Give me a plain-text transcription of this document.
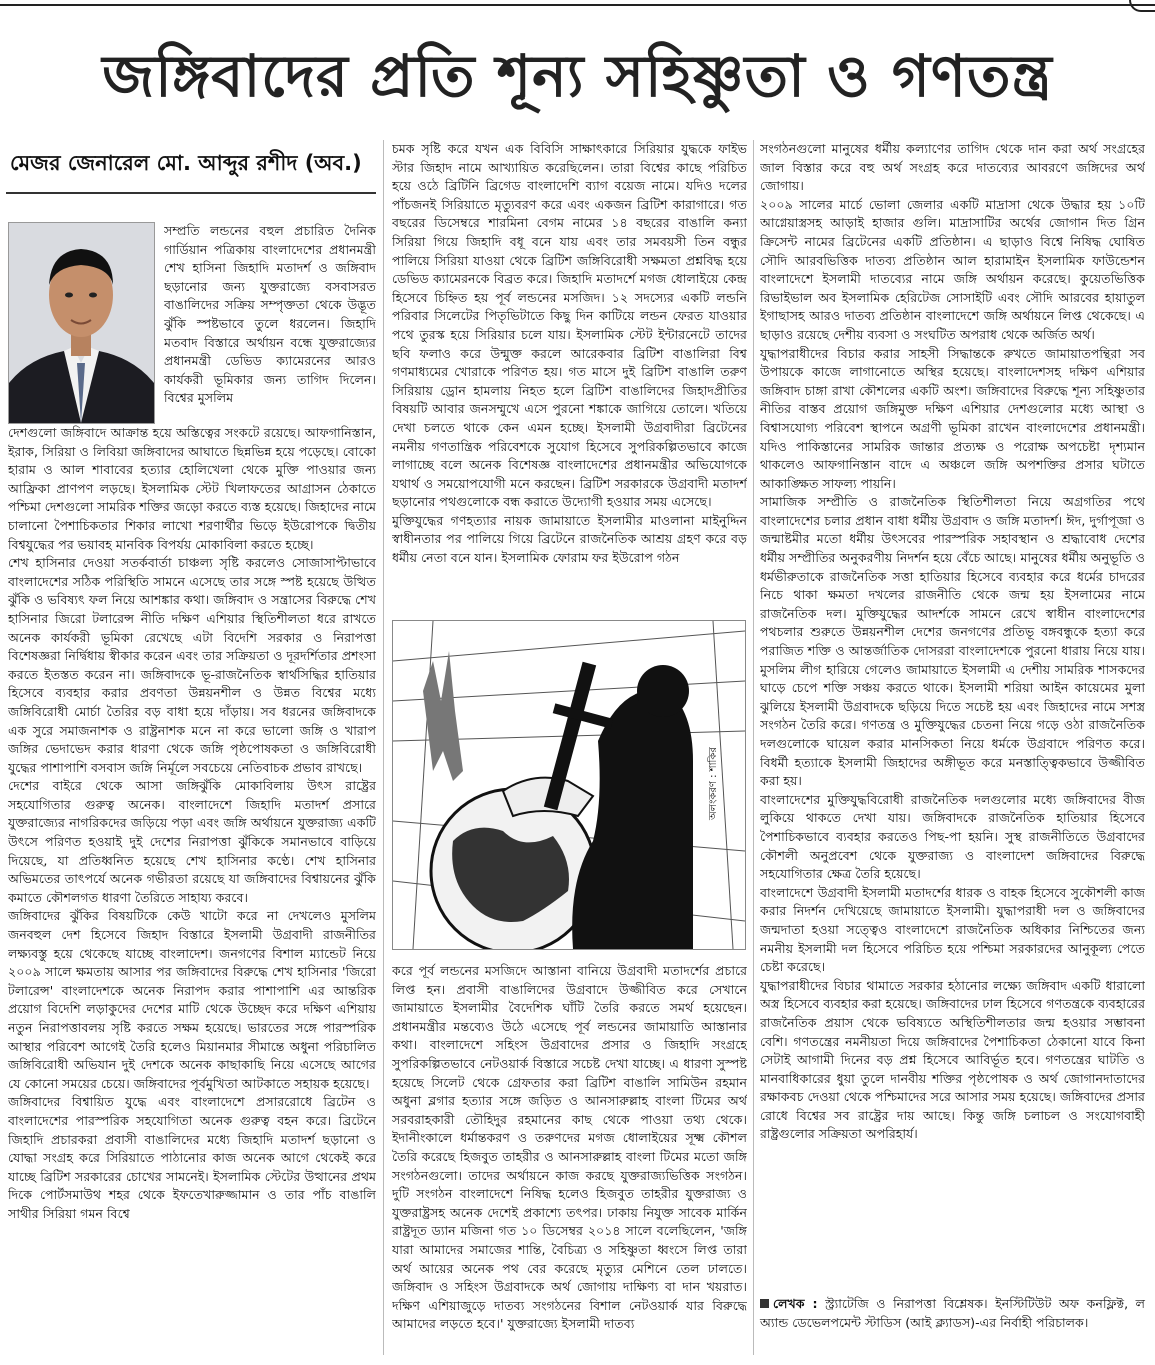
জঙ্গিবাদের প্রতি শূন্য সহিষ্ণুতা ও গণতন্ত্র
মেজর জেনারেল মো. আব্দুর রশীদ (অব.)

সম্প্রতি লন্ডনের বহুল প্রচারিত দৈনিক গার্ডিয়ান পত্রিকায় বাংলাদেশের প্রধানমন্ত্রী শেখ হাসিনা জিহাদি মতাদর্শ ও জঙ্গিবাদ ছড়ানোর জন্য যুক্তরাজ্যে বসবাসরত বাঙালিদের সক্রিয় সম্পৃক্ততা থেকে উদ্ভূত ঝুঁকি স্পষ্টভাবে তুলে ধরলেন। জিহাদি মতবাদ বিস্তারে অর্থায়ন বন্ধে যুক্তরাজ্যের প্রধানমন্ত্রী ডেভিড ক্যামেরনের আরও কার্যকরী ভূমিকার জন্য তাগিদ দিলেন। বিশ্বের মুসলিম

দেশগুলো জঙ্গিবাদে আক্রান্ত হয়ে অস্তিত্বের সংকটে রয়েছে। আফগানিস্তান, ইরাক, সিরিয়া ও লিবিয়া জঙ্গিবাদের আঘাতে ছিন্নভিন্ন হয়ে পড়েছে। বোকো হারাম ও আল শাবাবের হত্যার হোলিখেলা থেকে মুক্তি পাওয়ার জন্য আফ্রিকা প্রাণপণ লড়ছে। ইসলামিক স্টেট খিলাফতের আগ্রাসন ঠেকাতে পশ্চিমা দেশগুলো সামরিক শক্তির জড়ো করতে ব্যস্ত হয়েছে। জিহাদের নামে চালানো পৈশাচিকতার শিকার লাখো শরণার্থীর ভিড়ে ইউরোপকে দ্বিতীয় বিশ্বযুদ্ধের পর ভয়াবহ মানবিক বিপর্যয় মোকাবিলা করতে হচ্ছে।

শেখ হাসিনার দেওয়া সতর্কবার্তা চাঞ্চল্য সৃষ্টি করলেও সোজাসাপ্টাভাবে বাংলাদেশের সঠিক পরিস্থিতি সামনে এসেছে তার সঙ্গে স্পষ্ট হয়েছে উত্থিত ঝুঁকি ও ভবিষ্যৎ ফল নিয়ে আশঙ্কার কথা। জঙ্গিবাদ ও সন্ত্রাসের বিরুদ্ধে শেখ হাসিনার জিরো টলারেন্স নীতি দক্ষিণ এশিয়ার স্থিতিশীলতা ধরে রাখতে অনেক কার্যকরী ভূমিকা রেখেছে এটা বিদেশি সরকার ও নিরাপত্তা বিশেষজ্ঞরা নির্দ্বিধায় স্বীকার করেন এবং তার সক্রিয়তা ও দূরদর্শিতার প্রশংসা করতে ইতস্তত করেন না। জঙ্গিবাদকে ভূ-রাজনৈতিক স্বার্থসিদ্ধির হাতিয়ার হিসেবে ব্যবহার করার প্রবণতা উন্নয়নশীল ও উন্নত বিশ্বের মধ্যে জঙ্গিবিরোধী মোর্চা তৈরির বড় বাধা হয়ে দাঁড়ায়। সব ধরনের জঙ্গিবাদকে এক সুরে সমাজনাশক ও রাষ্ট্রনাশক মনে না করে ভালো জঙ্গি ও খারাপ জঙ্গির ভেদাভেদ করার ধারণা থেকে জঙ্গি পৃষ্ঠপোষকতা ও জঙ্গিবিরোধী যুদ্ধের পাশাপাশি বসবাস জঙ্গি নির্মূলে সবচেয়ে নেতিবাচক প্রভাব রাখছে।

দেশের বাইরে থেকে আসা জঙ্গিঝুঁকি মোকাবিলায় উৎস রাষ্ট্রের সহযোগিতার গুরুত্ব অনেক। বাংলাদেশে জিহাদি মতাদর্শ প্রসারে যুক্তরাজ্যের নাগরিকদের জড়িয়ে পড়া এবং জঙ্গি অর্থায়নে যুক্তরাজ্য একটি উৎসে পরিণত হওয়াই দুই দেশের নিরাপত্তা ঝুঁকিকে সমানভাবে বাড়িয়ে দিয়েছে, যা প্রতিধ্বনিত হয়েছে শেখ হাসিনার কণ্ঠে। শেখ হাসিনার অভিমতের তাৎপর্যে অনেক গভীরতা রয়েছে যা জঙ্গিবাদের বিশ্বায়নের ঝুঁকি কমাতে কৌশলগত ধারণা তৈরিতে সাহায্য করবে।

জঙ্গিবাদের ঝুঁকির বিষয়টিকে কেউ খাটো করে না দেখলেও মুসলিম জনবহুল দেশ হিসেবে জিহাদ বিস্তারে ইসলামী উগ্রবাদী রাজনীতির লক্ষ্যবস্তু হয়ে থেকেছে যাচ্ছে বাংলাদেশ। জনগণের বিশাল ম্যান্ডেট নিয়ে ২০০৯ সালে ক্ষমতায় আসার পর জঙ্গিবাদের বিরুদ্ধে শেখ হাসিনার 'জিরো টলারেন্স' বাংলাদেশকে অনেক নিরাপদ করার পাশাপাশি এর আন্তরিক প্রয়োগ বিদেশি লড়াকুদের দেশের মাটি থেকে উচ্ছেদ করে দক্ষিণ এশিয়ায় নতুন নিরাপত্তাবলয় সৃষ্টি করতে সক্ষম হয়েছে। ভারতের সঙ্গে পারস্পরিক আস্থার পরিবেশ আগেই তৈরি হলেও মিয়ানমার সীমান্তে অধুনা পরিচালিত জঙ্গিবিরোধী অভিযান দুই দেশকে অনেক কাছাকাছি নিয়ে এসেছে আগের যে কোনো সময়ের চেয়ে। জঙ্গিবাদের পূর্বমুখিতা আটকাতে সহায়ক হয়েছে।

জঙ্গিবাদের বিশ্বায়িত যুদ্ধে এবং বাংলাদেশে প্রসাররোধে ব্রিটেন ও বাংলাদেশের পারস্পরিক সহযোগিতা অনেক গুরুত্ব বহন করে। ব্রিটেনে জিহাদি প্রচারকরা প্রবাসী বাঙালিদের মধ্যে জিহাদি মতাদর্শ ছড়ানো ও যোদ্ধা সংগ্রহ করে সিরিয়াতে পাঠানোর কাজ অনেক আগে থেকেই করে যাচ্ছে ব্রিটিশ সরকারের চোখের সামনেই। ইসলামিক স্টেটের উত্থানের প্রথম দিকে পোর্টসমাউথ শহর থেকে ইফতেখারুজ্জামান ও তার পাঁচ বাঙালি সাথীর সিরিয়া গমন বিশ্বে

চমক সৃষ্টি করে যখন এক বিবিসি সাক্ষাৎকারে সিরিয়ার যুদ্ধকে ফাইভ স্টার জিহাদ নামে আখ্যায়িত করেছিলেন। তারা বিশ্বের কাছে পরিচিত হয়ে ওঠে ব্রিটিনি ব্রিগেড বাংলাদেশি ব্যাগ বয়েজ নামে। যদিও দলের পাঁচজনই সিরিয়াতে মৃত্যুবরণ করে এবং একজন ব্রিটিশ কারাগারে। গত বছরের ডিসেম্বরে শারমিনা বেগম নামের ১৪ বছরের বাঙালি কন্যা সিরিয়া গিয়ে জিহাদি বধূ বনে যায় এবং তার সমবয়সী তিন বন্ধুর পালিয়ে সিরিয়া যাওয়া থেকে ব্রিটিশ জঙ্গিবিরোধী সক্ষমতা প্রশ্নবিদ্ধ হয়ে ডেভিড ক্যামেরনকে বিব্রত করে। জিহাদি মতাদর্শে মগজ ধোলাইয়ে কেন্দ্র হিসেবে চিহ্নিত হয় পূর্ব লন্ডনের মসজিদ। ১২ সদস্যের একটি লন্ডনি পরিবার সিলেটের পিতৃভিটাতে কিছু দিন কাটিয়ে লন্ডন ফেরত যাওয়ার পথে তুরস্ক হয়ে সিরিয়ার চলে যায়। ইসলামিক স্টেট ইন্টারনেটে তাদের ছবি ফলাও করে উন্মুক্ত করলে আরেকবার ব্রিটিশ বাঙালিরা বিশ্ব গণমাধ্যমের খোরাকে পরিণত হয়। গত মাসে দুই ব্রিটিশ বাঙালি তরুণ সিরিয়ায় ড্রোন হামলায় নিহত হলে ব্রিটিশ বাঙালিদের জিহাদপ্রীতির বিষয়টি আবার জনসম্মুখে এসে পুরনো শঙ্কাকে জাগিয়ে তোলে। খতিয়ে দেখা চলতে থাকে কেন এমন হচ্ছে। ইসলামী উগ্রবাদীরা ব্রিটেনের নমনীয় গণতান্ত্রিক পরিবেশকে সুযোগ হিসেবে সুপরিকল্পিতভাবে কাজে লাগাচ্ছে বলে অনেক বিশেষজ্ঞ বাংলাদেশের প্রধানমন্ত্রীর অভিযোগকে যথার্থ ও সময়োপযোগী মনে করছেন। ব্রিটিশ সরকারকে উগ্রবাদী মতাদর্শ ছড়ানোর পথগুলোকে বন্ধ করাতে উদ্যোগী হওয়ার সময় এসেছে।

মুক্তিযুদ্ধের গণহত্যার নায়ক জামায়াতে ইসলামীর মাওলানা মাইনুদ্দিন স্বাধীনতার পর পালিয়ে গিয়ে ব্রিটেনে রাজনৈতিক আশ্রয় গ্রহণ করে বড় ধর্মীয় নেতা বনে যান। ইসলামিক ফোরাম ফর ইউরোপ গঠন

অলংকরণ : শাকির

করে পূর্ব লন্ডনের মসজিদে আস্তানা বানিয়ে উগ্রবাদী মতাদর্শের প্রচারে লিপ্ত হন। প্রবাসী বাঙালিদের উগ্রবাদে উজ্জীবিত করে সেখানে জামায়াতে ইসলামীর বৈদেশিক ঘাঁটি তৈরি করতে সমর্থ হয়েছেন। প্রধানমন্ত্রীর মন্তব্যেও উঠে এসেছে পূর্ব লন্ডনের জামায়াতি আস্তানার কথা। বাংলাদেশে সহিংস উগ্রবাদের প্রসার ও জিহাদি সংগ্রহে সুপরিকল্পিতভাবে নেটওয়ার্ক বিস্তারে সচেষ্ট দেখা যাচ্ছে। এ ধারণা সুস্পষ্ট হয়েছে সিলেট থেকে গ্রেফতার করা ব্রিটিশ বাঙালি সামিউন রহমান অধুনা ব্লগার হত্যার সঙ্গে জড়িত ও আনসারুল্লাহ বাংলা টিমের অর্থ সরবরাহকারী তৌহিদুর রহমানের কাছ থেকে পাওয়া তথ্য থেকে। ইদানীংকালে ধর্মান্তকরণ ও তরুণদের মগজ ধোলাইয়ের সূক্ষ্ম কৌশল তৈরি করেছে হিজবুত তাহরীর ও আনসারুল্লাহ বাংলা টিমের মতো জঙ্গি সংগঠনগুলো। তাদের অর্থায়নে কাজ করছে যুক্তরাজ্যভিত্তিক সংগঠন। দুটি সংগঠন বাংলাদেশে নিষিদ্ধ হলেও হিজবুত তাহরীর যুক্তরাজ্য ও যুক্তরাষ্ট্রসহ অনেক দেশেই প্রকাশ্যে তৎপর। ঢাকায় নিযুক্ত সাবেক মার্কিন রাষ্ট্রদূত ড্যান মজিনা গত ১০ ডিসেম্বর ২০১৪ সালে বলেছিলেন, 'জঙ্গি যারা আমাদের সমাজের শান্তি, বৈচিত্র্য ও সহিষ্ণুতা ধ্বংসে লিপ্ত তারা অর্থ আয়ের অনেক পথ বের করেছে মৃত্যুর মেশিনে তেল ঢালতে। জঙ্গিবাদ ও সহিংস উগ্রবাদকে অর্থ জোগায় দাক্ষিণ্য বা দান খয়রাত। দক্ষিণ এশিয়াজুড়ে দাতব্য সংগঠনের বিশাল নেটওয়ার্ক যার বিরুদ্ধে আমাদের লড়তে হবে।' যুক্তরাজ্যে ইসলামী দাতব্য

সংগঠনগুলো মানুষের ধর্মীয় কল্যাণের তাগিদ থেকে দান করা অর্থ সংগ্রহের জাল বিস্তার করে বহু অর্থ সংগ্রহ করে দাতব্যের আবরণে জঙ্গিদের অর্থ জোগায়।

২০০৯ সালের মার্চে ভোলা জেলার একটি মাদ্রাসা থেকে উদ্ধার হয় ১০টি আগ্নেয়াস্ত্রসহ আড়াই হাজার গুলি। মাদ্রাসাটির অর্থের জোগান দিত গ্রিন ক্রিসেন্ট নামের ব্রিটেনের একটি প্রতিষ্ঠান। এ ছাড়াও বিশ্বে নিষিদ্ধ ঘোষিত সৌদি আরবভিত্তিক দাতব্য প্রতিষ্ঠান আল হারামাইন ইসলামিক ফাউন্ডেশন বাংলাদেশে ইসলামী দাতব্যের নামে জঙ্গি অর্থায়ন করেছে। কুয়েতভিত্তিক রিভাইভাল অব ইসলামিক হেরিটেজ সোসাইটি এবং সৌদি আরবের হায়াতুল ইগাছাসহ আরও দাতব্য প্রতিষ্ঠান বাংলাদেশে জঙ্গি অর্থায়নে লিপ্ত থেকেছে। এ ছাড়াও রয়েছে দেশীয় ব্যবসা ও সংঘটিত অপরাধ থেকে অর্জিত অর্থ।

যুদ্ধাপরাধীদের বিচার করার সাহসী সিদ্ধান্তকে রুখতে জামায়াতপন্থিরা সব উপায়কে কাজে লাগানোতে অস্থির হয়েছে। বাংলাদেশসহ দক্ষিণ এশিয়ার জঙ্গিবাদ চাঙ্গা রাখা কৌশলের একটি অংশ। জঙ্গিবাদের বিরুদ্ধে শূন্য সহিষ্ণুতার নীতির বাস্তব প্রয়োগ জঙ্গিমুক্ত দক্ষিণ এশিয়ার দেশগুলোর মধ্যে আস্থা ও বিশ্বাসযোগ্য পরিবেশ স্থাপনে অগ্রণী ভূমিকা রাখেন বাংলাদেশের প্রধানমন্ত্রী। যদিও পাকিস্তানের সামরিক জান্তার প্রত্যক্ষ ও পরোক্ষ অপচেষ্টা দৃশ্যমান থাকলেও আফগানিস্তান বাদে এ অঞ্চলে জঙ্গি অপশক্তির প্রসার ঘটাতে আকাঙ্ক্ষিত সাফল্য পায়নি।

সামাজিক সম্প্রীতি ও রাজনৈতিক স্থিতিশীলতা নিয়ে অগ্রগতির পথে বাংলাদেশের চলার প্রধান বাধা ধর্মীয় উগ্রবাদ ও জঙ্গি মতাদর্শ। ঈদ, দুর্গাপূজা ও জন্মাষ্টমীর মতো ধর্মীয় উৎসবের পারস্পরিক সহাবস্থান ও শ্রদ্ধাবোধ দেশের ধর্মীয় সম্প্রীতির অনুকরণীয় নিদর্শন হয়ে বেঁচে আছে। মানুষের ধর্মীয় অনুভূতি ও ধর্মভীরুতাকে রাজনৈতিক সত্তা হাতিয়ার হিসেবে ব্যবহার করে ধর্মের চাদরের নিচে থাকা ক্ষমতা দখলের রাজনীতি থেকে জন্ম হয় ইসলামের নামে রাজনৈতিক দল। মুক্তিযুদ্ধের আদর্শকে সামনে রেখে স্বাধীন বাংলাদেশের পথচলার শুরুতে উন্নয়নশীল দেশের জনগণের প্রতিভূ বঙ্গবন্ধুকে হত্যা করে পরাজিত শক্তি ও আন্তর্জাতিক দোসররা বাংলাদেশকে পুরনো ধারায় নিয়ে যায়। মুসলিম লীগ হারিয়ে গেলেও জামায়াতে ইসলামী এ দেশীয় সামরিক শাসকদের ঘাড়ে চেপে শক্তি সঞ্চয় করতে থাকে। ইসলামী শরিয়া আইন কায়েমের মুলা ঝুলিয়ে ইসলামী উগ্রবাদকে ছড়িয়ে দিতে সচেষ্ট হয় এবং জিহাদের নামে সশস্ত্র সংগঠন তৈরি করে। গণতন্ত্র ও মুক্তিযুদ্ধের চেতনা নিয়ে গড়ে ওঠা রাজনৈতিক দলগুলোকে ঘায়েল করার মানসিকতা নিয়ে ধর্মকে উগ্রবাদে পরিণত করে। বিধর্মী হত্যাকে ইসলামী জিহাদের অঙ্গীভূত করে মনস্তাত্ত্বিকভাবে উজ্জীবিত করা হয়।

বাংলাদেশের মুক্তিযুদ্ধবিরোধী রাজনৈতিক দলগুলোর মধ্যে জঙ্গিবাদের বীজ লুকিয়ে থাকতে দেখা যায়। জঙ্গিবাদকে রাজনৈতিক হাতিয়ার হিসেবে পৈশাচিকভাবে ব্যবহার করতেও পিছ-পা হয়নি। সুস্থ রাজনীতিতে উগ্রবাদের কৌশলী অনুপ্রবেশ থেকে যুক্তরাজ্য ও বাংলাদেশ জঙ্গিবাদের বিরুদ্ধে সহযোগিতার ক্ষেত্র তৈরি হয়েছে।

বাংলাদেশে উগ্রবাদী ইসলামী মতাদর্শের ধারক ও বাহক হিসেবে সুকৌশলী কাজ করার নিদর্শন দেখিয়েছে জামায়াতে ইসলামী। যুদ্ধাপরাধী দল ও জঙ্গিবাদের জন্মদাতা হওয়া সত্ত্বেও বাংলাদেশে রাজনৈতিক অধিকার নিশ্চিতের জন্য নমনীয় ইসলামী দল হিসেবে পরিচিত হয়ে পশ্চিমা সরকারদের আনুকূল্য পেতে চেষ্টা করেছে।

যুদ্ধাপরাধীদের বিচার থামাতে সরকার হঠানোর লক্ষ্যে জঙ্গিবাদ একটি ধারালো অস্ত্র হিসেবে ব্যবহার করা হয়েছে। জঙ্গিবাদের ঢাল হিসেবে গণতন্ত্রকে ব্যবহারের রাজনৈতিক প্রয়াস থেকে ভবিষ্যতে অস্থিতিশীলতার জন্ম হওয়ার সম্ভাবনা বেশি। গণতন্ত্রের নমনীয়তা দিয়ে জঙ্গিবাদের পৈশাচিকতা ঠেকানো যাবে কিনা সেটাই আগামী দিনের বড় প্রশ্ন হিসেবে আবির্ভূত হবে। গণতন্ত্রের ঘাটতি ও মানবাধিকারের ধুয়া তুলে দানবীয় শক্তির পৃষ্ঠপোষক ও অর্থ জোগানদাতাদের রক্ষাকবচ দেওয়া থেকে পশ্চিমাদের সরে আসার সময় হয়েছে। জঙ্গিবাদের প্রসার রোধে বিশ্বের সব রাষ্ট্রের দায় আছে। কিন্তু জঙ্গি চলাচল ও সংযোগবাহী রাষ্ট্রগুলোর সক্রিয়তা অপরিহার্য।

লেখক : স্ট্র্যাটেজি ও নিরাপত্তা বিশ্লেষক। ইনস্টিটিউট অফ কনফ্লিক্ট, ল অ্যান্ড ডেভেলপমেন্ট স্টাডিস (আই ক্ল্যাডস)-এর নির্বাহী পরিচালক।
